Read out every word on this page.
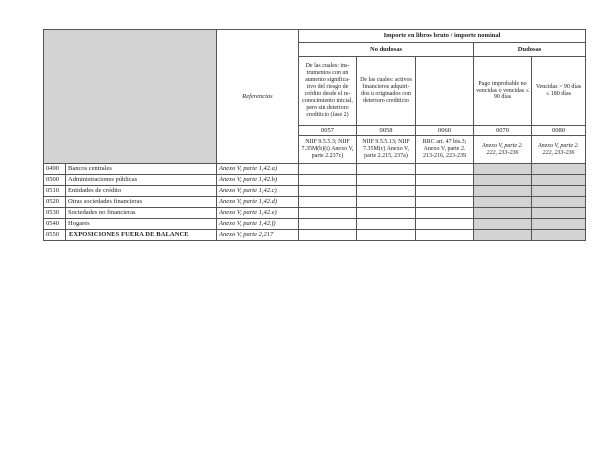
		Referencias	Importe en libros bruto / importe nominal				
			No dudosas			Dudosas	
			De las cuales: ins-trumentos con un aumento significa-tivo del riesgo de crédito desde el re-conocimiento inicial, pero sin deterioro crediticio (fase 2)	De las cuales: activos financieros adquiri-dos u originados con deterioro crediticio		Pago improbable no vencidas o vencidas ≤ 90 días	Vencidas > 90 días ≤ 180 días
			0057	0058	0060	0070	0080
			NIIF 9.5.5.3; NIIF 7.35M(b)(i) Anexo V, parte 2.237c)	NIIF 9.5.5.13; NIIF 7.35M(c) Anexo V, parte 2.215, 237a)	RRC art. 47 bis.3; Anexo V, parte 2. 213-216, 223-239	Anexo V, parte 2. 222, 233-236	Anexo V, parte 2. 222, 233-236
0490	Bancos centrales	Anexo V, parte 1,42.a)					
0500	Administraciones públicas	Anexo V, parte 1,42.b)					
0510	Entidades de crédito	Anexo V, parte 1,42.c)					
0520	Otras sociedades financieras	Anexo V, parte 1,42.d)					
0530	Sociedades no financieras	Anexo V, parte 1,42.e)					
0540	Hogares	Anexo V, parte 1,42.f)					
0550	EXPOSICIONES FUERA DE BALANCE	Anexo V, parte 2,217					
